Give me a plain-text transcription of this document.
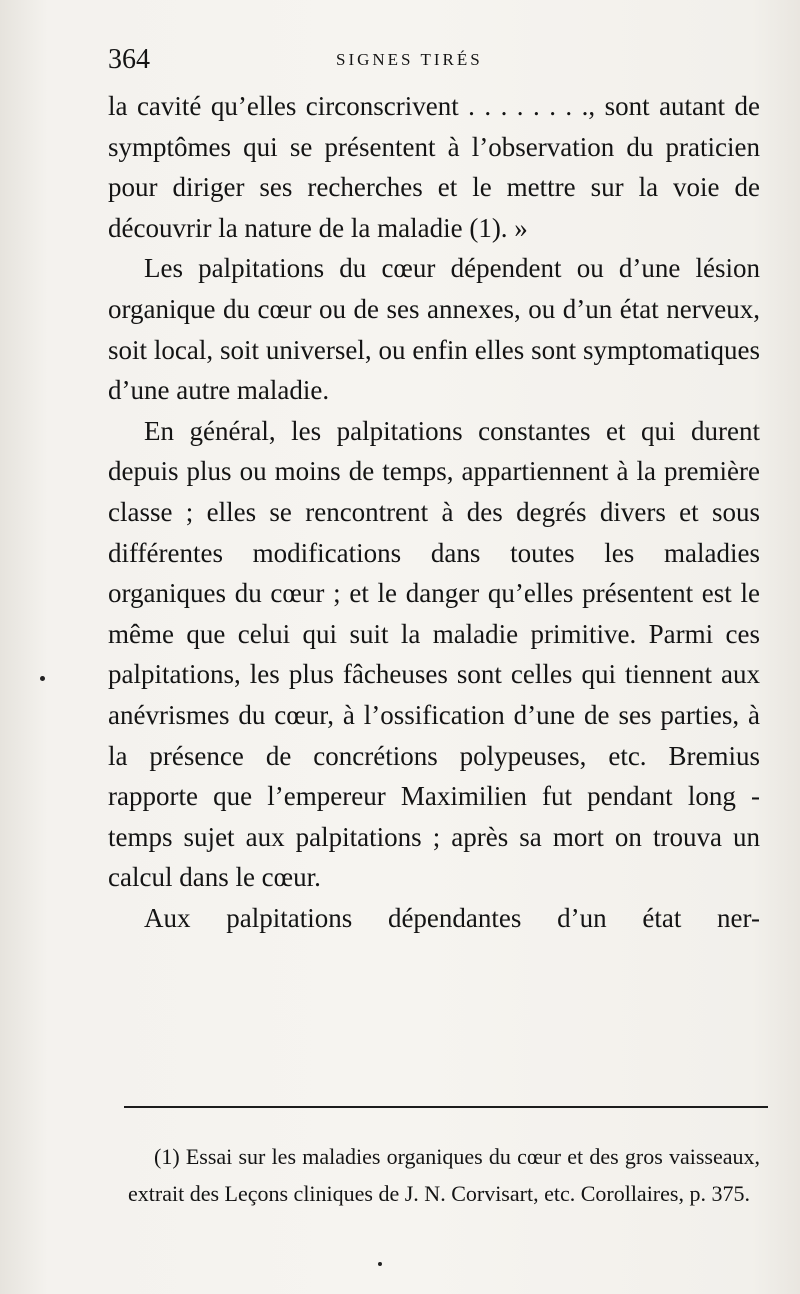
364	SIGNES TIRÉS

la cavité qu’elles circonscrivent . . . . . . . ., sont autant de symptômes qui se présentent à l’observation du praticien pour diriger ses recherches et le mettre sur la voie de découvrir la nature de la maladie (1). »

Les palpitations du cœur dépendent ou d’une lésion organique du cœur ou de ses annexes, ou d’un état nerveux, soit local, soit universel, ou enfin elles sont symptomatiques d’une autre maladie.

En général, les palpitations constantes et qui durent depuis plus ou moins de temps, appartiennent à la première classe ; elles se rencontrent à des degrés divers et sous différentes modifications dans toutes les maladies organiques du cœur ; et le danger qu’elles présentent est le même que celui qui suit la maladie primitive. Parmi ces palpitations, les plus fâcheuses sont celles qui tiennent aux anévrismes du cœur, à l’ossification d’une de ses parties, à la présence de concrétions polypeuses, etc. Bremius rapporte que l’empereur Maximilien fut pendant long - temps sujet aux palpitations ; après sa mort on trouva un calcul dans le cœur.

Aux palpitations dépendantes d’un état ner-

(1) Essai sur les maladies organiques du cœur et des gros vaisseaux, extrait des Leçons cliniques de J. N. Corvisart, etc. Corollaires, p. 375.
